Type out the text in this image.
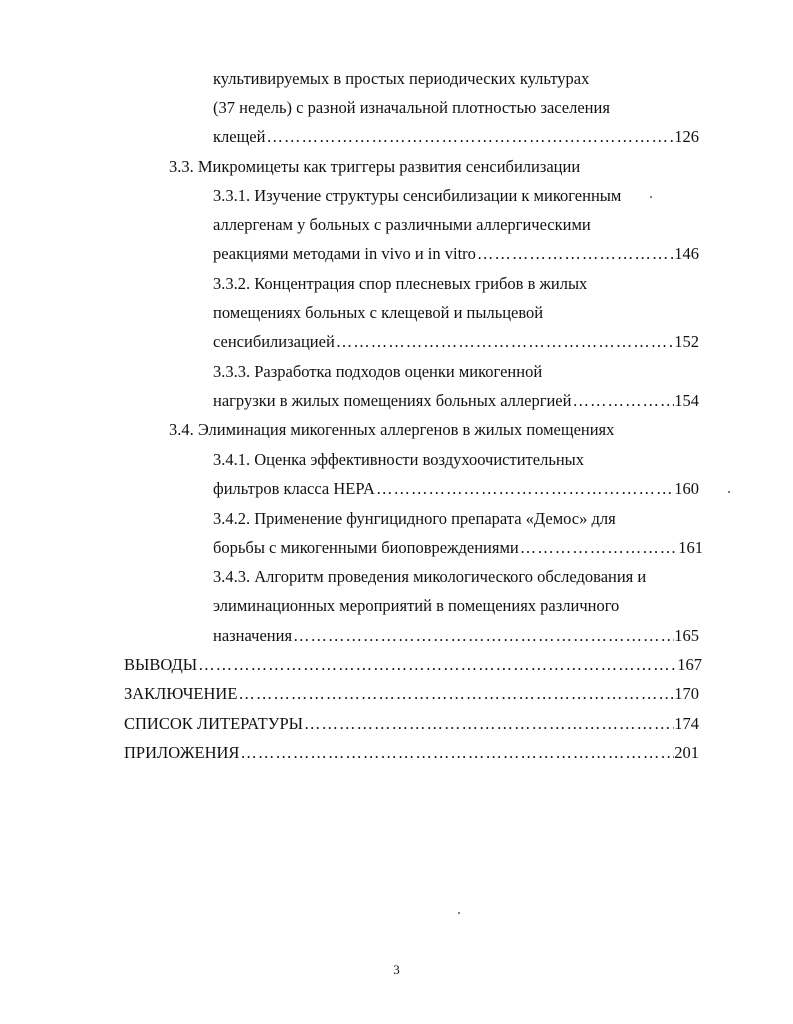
культивируемых в простых периодических культурах
(37 недель) с разной изначальной плотностью заселения
клещей ……………………………………………………………………………………………………………………………………………………………………	126
3.3. Микромицеты как триггеры развития сенсибилизации
3.3.1. Изучение структуры сенсибилизации к микогенным
аллергенам у больных с различными аллергическими
реакциями методами in vivo и in vitro ……………………………………………………………………………………………………………………………………………………………………	146
3.3.2. Концентрация спор плесневых грибов в жилых
помещениях больных с клещевой и пыльцевой
сенсибилизацией ……………………………………………………………………………………………………………………………………………………………………	152
3.3.3. Разработка подходов оценки микогенной
нагрузки в жилых помещениях больных аллергией ……………………………………………………………………………………………………………………………………………………………………	154
3.4. Элиминация микогенных аллергенов в жилых помещениях
3.4.1. Оценка эффективности воздухоочистительных
фильтров класса HEPA ……………………………………………………………………………………………………………………………………………………………………	160
3.4.2. Применение фунгицидного препарата «Демос» для
борьбы с микогенными биоповреждениями ……………………………………………………………………………………………………………………………………………………………………	161
3.4.3. Алгоритм проведения микологического обследования и
элиминационных мероприятий в помещениях различного
назначения ……………………………………………………………………………………………………………………………………………………………………	165
ВЫВОДЫ ……………………………………………………………………………………………………………………………………………………………………	167
ЗАКЛЮЧЕНИЕ ……………………………………………………………………………………………………………………………………………………………………	170
СПИСОК ЛИТЕРАТУРЫ ……………………………………………………………………………………………………………………………………………………………………	174
ПРИЛОЖЕНИЯ ……………………………………………………………………………………………………………………………………………………………………	201
3
